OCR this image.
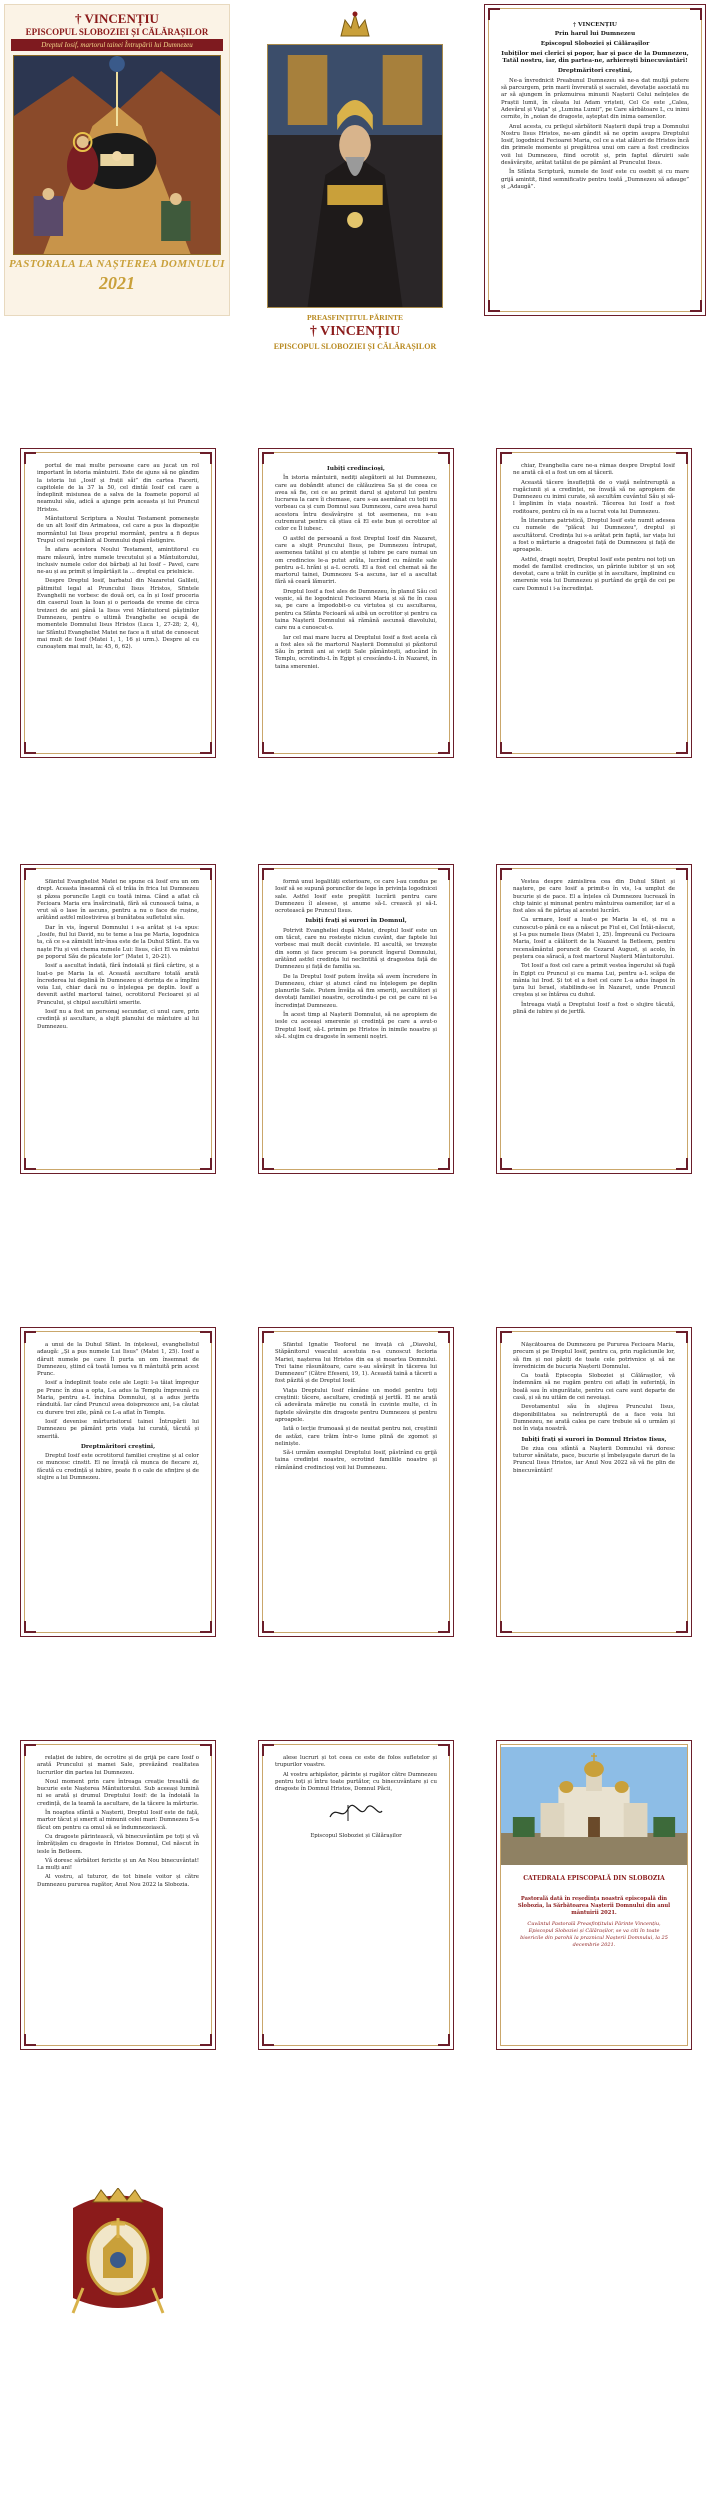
† VINCENȚIU
EPISCOPUL SLOBOZIEI ȘI CĂLĂRAȘILOR
Dreptul Iosif, martorul tainei Întrupării lui Dumnezeu
PASTORALA LA NAȘTEREA DOMNULUI
2021
PREASFINȚITUL PĂRINTE
† VINCENȚIU
EPISCOPUL SLOBOZIEI ȘI CĂLĂRAȘILOR
† VINCENȚIU
Prin harul lui Dumnezeu
Episcopul Sloboziei și Călărașilor
Iubiților mei clerici și popor, har și pace de la Dumnezeu, Tatăl nostru, iar, din partea-ne, arhierești binecuvântări!
Dreptmăritori creștini,

Ne-a învrednicit Preabunul Dumnezeu să ne-a dat mulță putere să parcurgem, prin marii învrerată și sacralei, devotație asociată nu ar să ajungem în prăzmuirea minunii Nașterii Celui neînțeles de Praștii lumii, în căsata lui Adam vrișteii, Cel Ce este „Calea, Adevărul și Viața” și „Lumina Lumii”, pe Care sărbătoare L, cu inimi cernite, în „noian de dragoste, așteptat din inima oamenilor.

Anul acesta, cu prilejul sărbătorii Nașterii după trup a Domnului Nostru Iisus Hristos, ne-am gândit să ne oprim asupra Dreptului Iosif, logodnicul Fecioarei Maria, cel ce a stat alături de Hristos încă din primele momente și pregătirea unui om care a fost credincios voii lui Dumnezeu, fiind ocrotit și, prin faptul dăruirii sale desăvârșite, arătat tatălui de pe pământ al Pruncului Iisus.

În Sfânta Scriptură, numele de Iosif este cu osebit și cu mare grijă amintit, fiind semnificativ pentru toată „Dumnezeu să adauge” și „Adaugă”.

portul de mai multe persoane care au jucat un rol important în istoria mântuirii. Este de ajuns să ne gândim la istoria lui „Iosif și frații săi” din cartea Facerii, capitolele de la 37 la 50, cel dintâi Iosif cel care a îndeplinit misiunea de a salva de la foamete poporul al neamului său, adică a ajunge prin aceasta și lui Pruncul Hristos.

Mântuitorul Scriptura a Noului Testament pomenește de un alt Iosif din Arimateea, cel care a pus la dispoziție mormântul lui Iisus propriul mormânt, pentru a fi depus Trupul cel neprihănit al Domnului după răstignire.

În afara acestora Noului Testament, amintitorul cu mare măsură, între numele trecutului și a Mântuitorului, inclusiv numele celor doi bărbați al lui Iosif – Pavel, care ne-au și au primit și împărtășit la ... dreptul cu prielnicie.

Despre Dreptul Iosif, barbatul din Nazaretul Galileii, pătimitul legal al Pruncului Iisus Hristos, Sfintele Evanghelii ne vorbesc de două ori, ca în și Iosif proceria din caserul Ioan la Ioan și o perioada de vreme de circa treizeci de ani până la Iisus vrei Mântuitorul păștinilor Dumnezeu, pentru o ultimă Evanghelie se ocupă de momentele Domnului Iisus Hristos (Luca 1, 27-28; 2, 4), iar Sfântul Evanghelist Matei ne face a fi uitat de cunoscut mai mult de Iosif (Matei 1, 1, 16 și urm.). Despre al cu cunoaștem mai mult, la: 45, 6, 62).

Iubiți credincioși,

În istoria mântuirii, nediți alegătorii ai lui Dumnezeu, care au dobândit atunci de călăuzirea Sa și de ceea ce avea să fie, cei ce au primit darul și ajutorul lui pentru lucrarea la care îi chemase, care s-au asemănat cu toții nu vorbeau ca și cum Domnul sau Dumnezeu, care avea harul acestora întru desăvârșire și tot asemenea, nu s-au cutremurat pentru că știau că El este bun și ocrotitor al celor ce Îl iubesc.

O astfel de persoană a fost Dreptul Iosif din Nazaret, care a slujit Pruncului Iisus, pe Dumnezeu întrupat, asemenea tatălui și cu atenție și iubire pe care numai un om credincios le-a putut arăta, lucrând cu mâinile sale pentru a-L hrăni și a-L ocroti. El a fost cel chemat să fie martorul tainei, Dumnezeu S-a ascuns, iar el a ascultat fără să ceară lămuriri.

Dreptul Iosif a fost ales de Dumnezeu, în planul Său cel veșnic, să fie logodnicul Fecioarei Maria și să fie în casa sa, pe care a împodobit-o cu virtutea și cu ascultarea, pentru ca Sfânta Fecioară să aibă un ocrotitor și pentru ca taina Nașterii Domnului să rămână ascunsă diavolului, care nu a cunoscut-o.

Iar cel mai mare lucru al Dreptului Iosif a fost acela că a fost ales să fie martorul Nașterii Domnului și păzitorul Său în primii ani ai vieții Sale pământești, aducând în Templu, ocrotindu-L în Egipt și crescându-L în Nazaret, în taina smereniei.

chiar, Evanghelia care ne-a rămas despre Dreptul Iosif ne arată că el a fost un om al tăcerii.

Această tăcere însuflețită de o viață neîntreruptă a rugăciunii și a credinței, ne învață să ne apropiem de Dumnezeu cu inimi curate, să ascultăm cuvântul Său și să-l împlinim în viața noastră. Tăcerea lui Iosif a fost roditoare, pentru că în ea a lucrat voia lui Dumnezeu.

În literatura patristică, Dreptul Iosif este numit adesea cu numele de "plăcut lui Dumnezeu", dreptul și ascultătorul. Credința lui s-a arătat prin faptă, iar viața lui a fost o mărturie a dragostei față de Dumnezeu și față de aproapele.

Astfel, dragii noștri, Dreptul Iosif este pentru noi toți un model de familist credincios, un părinte iubitor și un soț devotat, care a trăit în curăție și în ascultare, împlinind cu smerenie voia lui Dumnezeu și purtând de grijă de cei pe care Domnul i i-a încredințat.

Sfântul Evanghelist Matei ne spune că Iosif era un om drept. Aceasta înseamnă că el trăia în frica lui Dumnezeu și păzea poruncile Legii cu toată inima. Când a aflat că Fecioara Maria era însărcinată, fără să cunoască taina, a vrut să o lase în ascuns, pentru a nu o face de rușine, arătând astfel milostivirea și bunătatea sufletului său.

Dar în vis, îngerul Domnului i s-a arătat și i-a spus: „Iosife, fiul lui David, nu te teme a lua pe Maria, logodnica ta, că ce s-a zămislit într-însa este de la Duhul Sfânt. Ea va naște Fiu și vei chema numele Lui: Iisus, căci El va mântui pe poporul Său de păcatele lor” (Matei 1, 20-21).

Iosif a ascultat îndată, fără îndoială și fără cârtire, și a luat-o pe Maria la el. Această ascultare totală arată încrederea lui deplină în Dumnezeu și dorința de a împlini voia Lui, chiar dacă nu o înțelegea pe deplin. Iosif a devenit astfel martorul tainei, ocrotitorul Fecioarei și al Pruncului, și chipul ascultării smerite.

Iosif nu a fost un personaj secundar, ci unul care, prin credință și ascultare, a slujit planului de mântuire al lui Dumnezeu.

formă unui legalități exterioare, ce care l-au condus pe Iosif să se supună poruncilor de lege în privința logodnicei sale. Astfel Iosif este pregătit lucrării pentru care Dumnezeu îl alesese, și anume să-L crească și să-L ocrotească pe Pruncul Iisus.

Iubiți frați și surori în Domnul,

Potrivit Evangheliei după Matei, dreptul Iosif este un om tăcut, care nu rostește niciun cuvânt, dar faptele lui vorbesc mai mult decât cuvintele. El ascultă, se trezește din somn și face precum i-a poruncit îngerul Domnului, arătând astfel credința lui neclintită și dragostea față de Dumnezeu și față de familia sa.

De la Dreptul Iosif putem învăța să avem încredere în Dumnezeu, chiar și atunci când nu înțelegem pe deplin planurile Sale. Putem învăța să fim smeriți, ascultători și devotați familiei noastre, ocrotindu-i pe cei pe care ni i-a încredințat Dumnezeu.

În acest timp al Nașterii Domnului, să ne apropiem de iesle cu aceeași smerenie și credință pe care a avut-o Dreptul Iosif, să-L primim pe Hristos în inimile noastre și să-L slujim cu dragoste în semenii noștri.

Vestea despre zămislirea cea din Duhul Sfânt și naștere, pe care Iosif a primit-o în vis, l-a umplut de bucurie și de pace. El a înțeles că Dumnezeu lucrează în chip tainic și minunat pentru mântuirea oamenilor, iar el a fost ales să fie părtaș al acestei lucrări.

Ca urmare, Iosif a luat-o pe Maria la el, și nu a cunoscut-o până ce ea a născut pe Fiul ei, Cel Întâi-născut, și I-a pus numele Iisus (Matei 1, 25). Împreună cu Fecioara Maria, Iosif a călătorit de la Nazaret la Betleem, pentru recensământul poruncit de Cezarul August, și acolo, în peștera cea săracă, a fost martorul Nașterii Mântuitorului.

Tot Iosif a fost cel care a primit vestea îngerului să fugă în Egipt cu Pruncul și cu mama Lui, pentru a-L scăpa de mânia lui Irod. Și tot el a fost cel care L-a adus înapoi în țara lui Israel, stabilindu-se în Nazaret, unde Pruncul creștea și se întărea cu duhul.

Întreaga viață a Dreptului Iosif a fost o slujire tăcută, plină de iubire și de jertfă.

a unui de la Duhul Sfânt. În înțelesul, evanghelistul adaugă: „Și a pus numele Lui Iisus” (Matei 1, 25). Iosif a dăruit numele pe care Îl purta un om însemnat de Dumnezeu, știind că toată lumea va fi mântuită prin acest Prunc.

Iosif a îndeplinit toate cele ale Legii: l-a tăiat împrejur pe Prunc în ziua a opta, L-a adus la Templu împreună cu Maria, pentru a-L închina Domnului, și a adus jertfa rânduită. Iar când Pruncul avea doisprezece ani, l-a căutat cu durere trei zile, până ce L-a aflat în Templu.

Iosif devenise mărturisitorul tainei Întrupării lui Dumnezeu pe pământ prin viața lui curată, tăcută și smerită.

Dreptmăritori creștini,

Dreptul Iosif este ocrotitorul familiei creștine și al celor ce muncesc cinstit. El ne învață că munca de fiecare zi, făcută cu credință și iubire, poate fi o cale de sfințire și de slujire a lui Dumnezeu.

Sfântul Ignatie Teoforul ne învață că „Diavolul, Stăpânitorul veacului acestuia n-a cunoscut fecioria Mariei, nașterea lui Hristos din ea și moartea Domnului. Trei taine răsunătoare, care s-au săvârșit în tăcerea lui Dumnezeu” (Către Efeseni, 19, 1). Această taină a tăcerii a fost păzită și de Dreptul Iosif.

Viața Dreptului Iosif rămâne un model pentru toți creștinii: tăcere, ascultare, credință și jertfă. El ne arată că adevărata măreție nu constă în cuvinte multe, ci în faptele săvârșite din dragoste pentru Dumnezeu și pentru aproapele.

Iată o lecție frumoasă și de neuitat pentru noi, creștinii de astăzi, care trăim într-o lume plină de zgomot și neliniște.

Să-i urmăm exemplul Dreptului Iosif, păstrând cu grijă taina credinței noastre, ocrotind familiile noastre și rămânând credincioși voii lui Dumnezeu.

Nășcătoarea de Dumnezeu pe Pururea Fecioara Maria, precum și pe Dreptul Iosif, pentru ca, prin rugăciunile lor, să fim și noi păziți de toate cele potrivnice și să ne învrednicim de bucuria Nașterii Domnului.

Ca toată Episcopia Sloboziei și Călărașilor, vă îndemnăm să ne rugăm pentru cei aflați în suferință, în boală sau în singurătate, pentru cei care sunt departe de casă, și să nu uităm de cei nevoiași.

Devotamentul său în slujirea Pruncului Iisus, disponibilitatea sa neîntreruptă de a face voia lui Dumnezeu, ne arată calea pe care trebuie să o urmăm și noi în viața noastră.

Iubiți frați și surori în Domnul Hristos Iisus,

De ziua cea sfântă a Nașterii Domnului vă doresc tuturor sănătate, pace, bucurie și îmbelșugate daruri de la Pruncul Iisus Hristos, iar Anul Nou 2022 să vă fie plin de binecuvântări!

relației de iubire, de ocrotire și de grijă pe care Iosif o arată Pruncului și mamei Sale, prevăzând realitatea lucrurilor din partea lui Dumnezeu.

Noul moment prin care întreaga creație tresaltă de bucurie este Nașterea Mântuitorului. Sub aceeași lumină ni se arată și drumul Dreptului Iosif: de la îndoială la credință, de la teamă la ascultare, de la tăcere la mărturie.

În noaptea sfântă a Nașterii, Dreptul Iosif este de față, martor tăcut și smerit al minunii celei mari: Dumnezeu S-a făcut om pentru ca omul să se îndumnezeiască.

Cu dragoste părintească, vă binecuvântăm pe toți și vă îmbrățișăm cu dragoste în Hristos Domnul, Cel născut în iesle în Betleem.

Vă doresc sărbători fericite și un An Nou binecuvântat! La mulți ani!

Al vostru, al tuturor, de tot binele voitor și către Dumnezeu pururea rugător, Anul Nou 2022 la Slobozia.

alese lucruri și tot ceea ce este de folos sufletelor și trupurilor voastre.

Al vostru arhipăstor, părinte și rugător către Dumnezeu pentru toți și întru toate purtător, cu binecuvântare și cu dragoste în Domnul Hristos, Domnul Păcii,

Episcopul Sloboziei și Călărașilor
CATEDRALA EPISCOPALĂ DIN SLOBOZIA
Pastorală dată în reședința noastră episcopală din Slobozia, la Sărbătoarea Nașterii Domnului din anul mântuirii 2021.
Cuvântul Pastorală Preasfințitului Părinte Vincențiu, Episcopul Sloboziei și Călărașilor, se va citi în toate bisericile din parohii la praznicul Nașterii Domnului, la 25 decembrie 2021.
